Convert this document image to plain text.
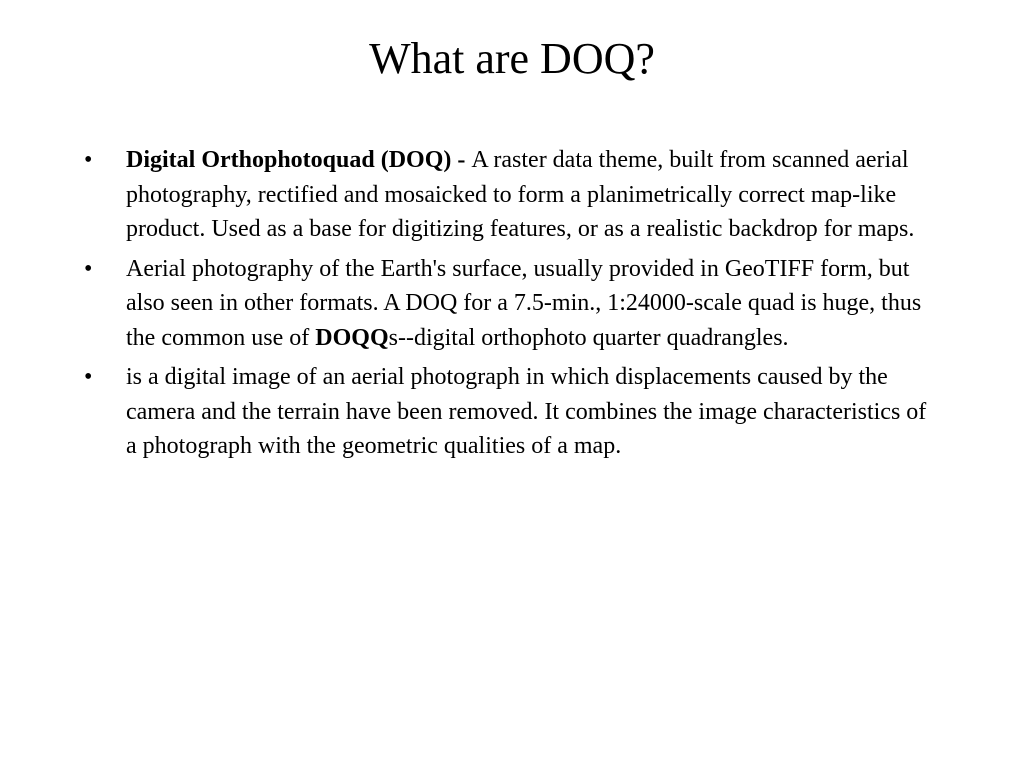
What are DOQ?
• Digital Orthophotoquad (DOQ) - A raster data theme, built from scanned aerial photography, rectified and mosaicked to form a planimetrically correct map-like product. Used as a base for digitizing features, or as a realistic backdrop for maps.
• Aerial photography of the Earth's surface, usually provided in GeoTIFF form, but also seen in other formats. A DOQ for a 7.5-min., 1:24000-scale quad is huge, thus the common use of DOQQs--digital orthophoto quarter quadrangles.
• is a digital image of an aerial photograph in which displacements caused by the camera and the terrain have been removed. It combines the image characteristics of a photograph with the geometric qualities of a map.
